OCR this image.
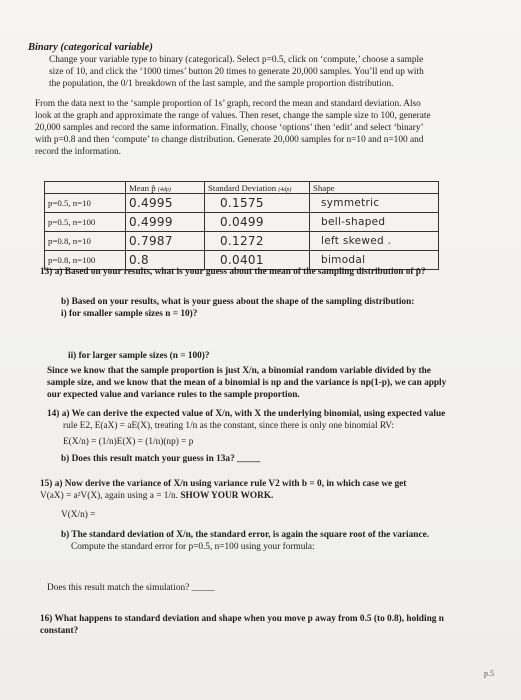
Binary (categorical variable)
Change your variable type to binary (categorical). Select p=0.5, click on ‘compute,’ choose a sample
size of 10, and click the ‘1000 times’ button 20 times to generate 20,000 samples. You’ll end up with
the population, the 0/1 breakdown of the last sample, and the sample proportion distribution.
From the data next to the ‘sample proportion of 1s’ graph, record the mean and standard deviation. Also
look at the graph and approximate the range of values. Then reset, change the sample size to 100, generate
20,000 samples and record the same information. Finally, choose ‘options’ then ‘edit’ and select ‘binary’
with p=0.8 and then ‘compute’ to change distribution. Generate 20,000 samples for n=10 and n=100 and
record the information.
	Mean p̂ (4dp)	Standard Deviation (4dp)	Shape
p=0.5, n=10	0.4995	0.1575	symmetric
p=0.5, n=100	0.4999	0.0499	bell-shaped
p=0.8, n=10	0.7987	0.1272	left skewed .
p=0.8, n=100	0.8	0.0401	bimodal
13) a) Based on your results, what is your guess about the mean of the sampling distribution of p̂?
b) Based on your results, what is your guess about the shape of the sampling distribution:
i) for smaller sample sizes n = 10)?
ii) for larger sample sizes (n = 100)?
Since we know that the sample proportion is just X/n, a binomial random variable divided by the
sample size, and we know that the mean of a binomial is np and the variance is np(1-p), we can apply
our expected value and variance rules to the sample proportion.
14) a) We can derive the expected value of X/n, with X the underlying binomial, using expected value
rule E2, E(aX) = aE(X), treating 1/n as the constant, since there is only one binomial RV:
E(X/n) = (1/n)E(X) = (1/n)(np) = p
b) Does this result match your guess in 13a? _____
15) a) Now derive the variance of X/n using variance rule V2 with b = 0, in which case we get
V(aX) = a²V(X), again using a = 1/n. SHOW YOUR WORK.
V(X/n) =
b) The standard deviation of X/n, the standard error, is again the square root of the variance.
Compute the standard error for p=0.5, n=100 using your formula:
Does this result match the simulation? _____
16) What happens to standard deviation and shape when you move p away from 0.5 (to 0.8), holding n
constant?
p.5
